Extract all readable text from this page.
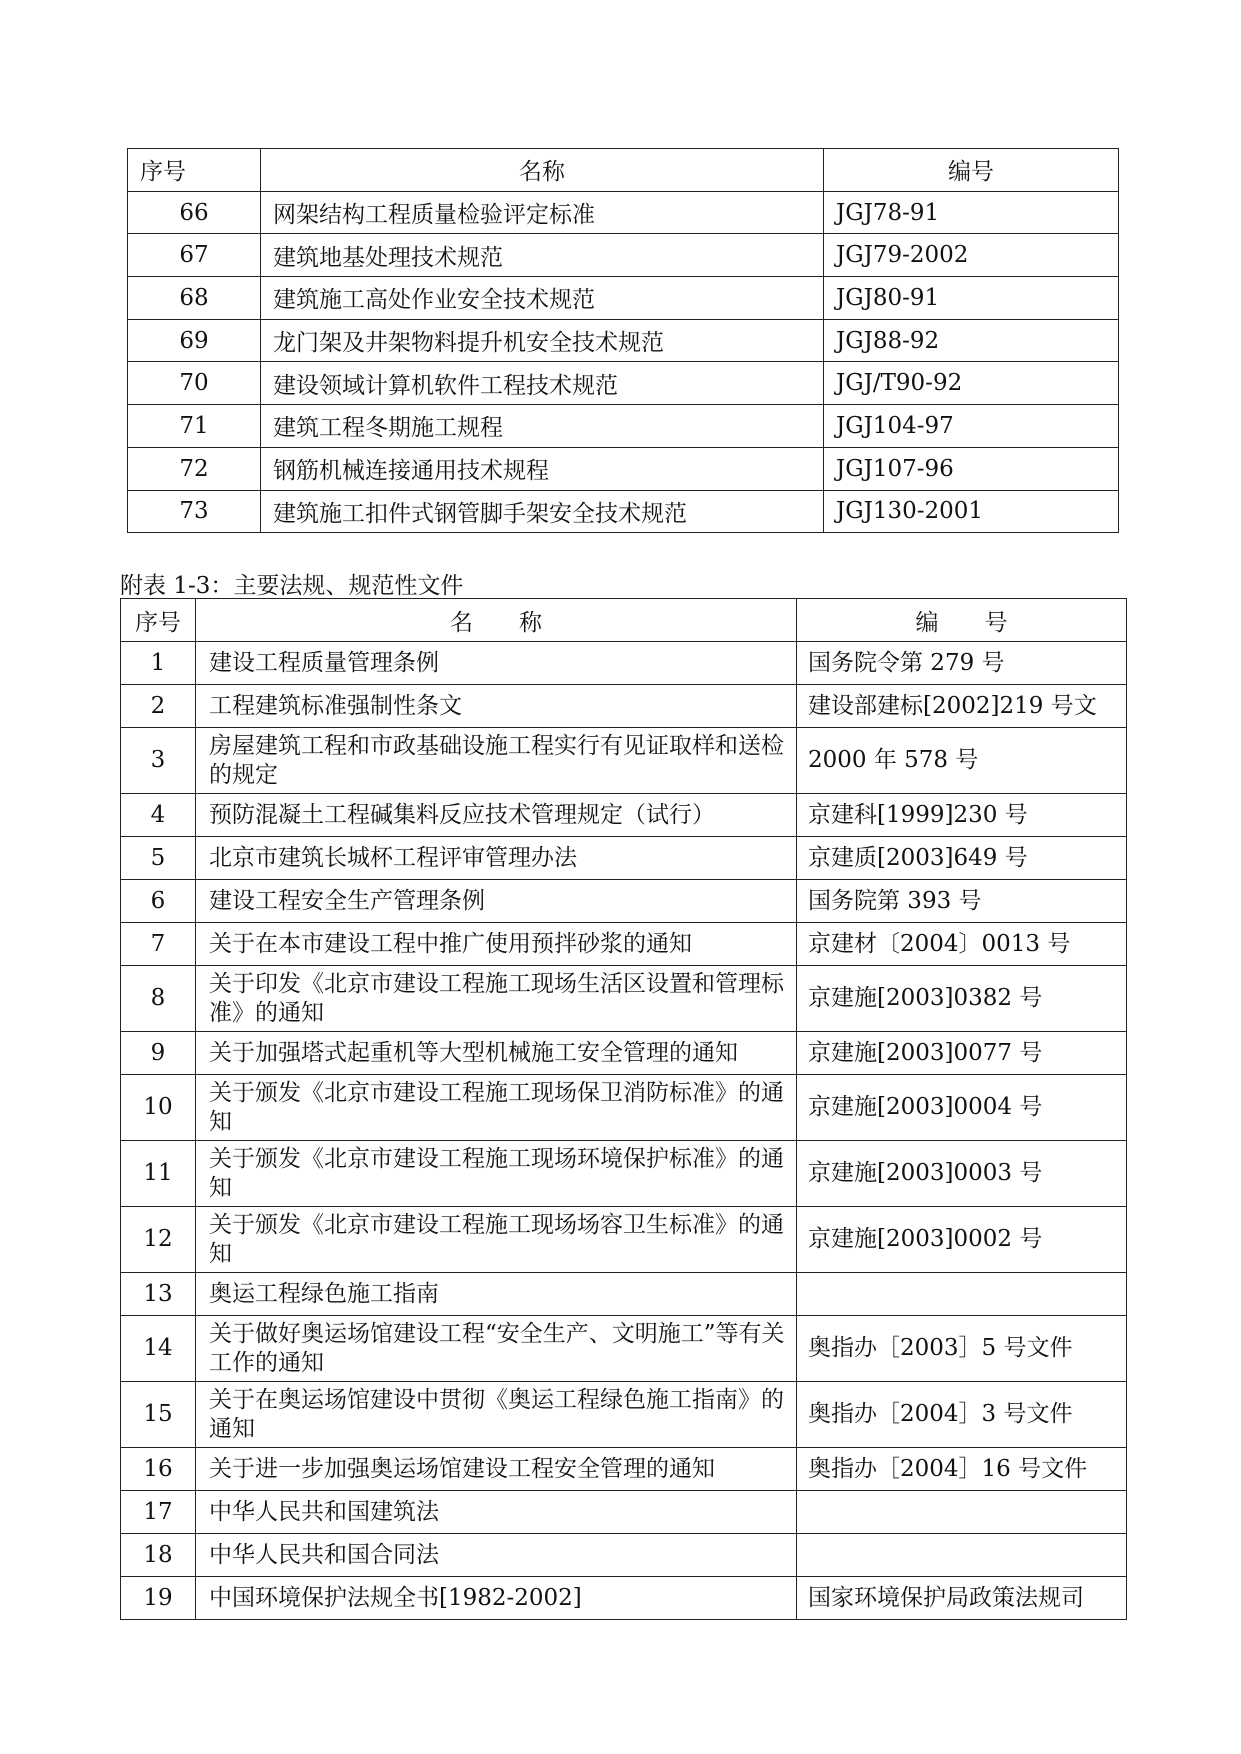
序号	名称	编号
66	网架结构工程质量检验评定标准	JGJ78-91
67	建筑地基处理技术规范	JGJ79-2002
68	建筑施工高处作业安全技术规范	JGJ80-91
69	龙门架及井架物料提升机安全技术规范	JGJ88-92
70	建设领域计算机软件工程技术规范	JGJ/T90-92
71	建筑工程冬期施工规程	JGJ104-97
72	钢筋机械连接通用技术规程	JGJ107-96
73	建筑施工扣件式钢管脚手架安全技术规范	JGJ130-2001
附表 1-3：主要法规、规范性文件
序号	名　　称	编　　号
1	建设工程质量管理条例	国务院令第 279 号
2	工程建筑标准强制性条文	建设部建标[2002]219 号文
3	房屋建筑工程和市政基础设施工程实行有见证取样和送检的规定	2000 年 578 号
4	预防混凝土工程碱集料反应技术管理规定（试行）	京建科[1999]230 号
5	北京市建筑长城杯工程评审管理办法	京建质[2003]649 号
6	建设工程安全生产管理条例	国务院第 393 号
7	关于在本市建设工程中推广使用预拌砂浆的通知	京建材〔2004〕0013 号
8	关于印发《北京市建设工程施工现场生活区设置和管理标准》的通知	京建施[2003]0382 号
9	关于加强塔式起重机等大型机械施工安全管理的通知	京建施[2003]0077 号
10	关于颁发《北京市建设工程施工现场保卫消防标准》的通知	京建施[2003]0004 号
11	关于颁发《北京市建设工程施工现场环境保护标准》的通知	京建施[2003]0003 号
12	关于颁发《北京市建设工程施工现场场容卫生标准》的通知	京建施[2003]0002 号
13	奥运工程绿色施工指南	
14	关于做好奥运场馆建设工程“安全生产、文明施工”等有关工作的通知	奥指办［2003］5 号文件
15	关于在奥运场馆建设中贯彻《奥运工程绿色施工指南》的通知	奥指办［2004］3 号文件
16	关于进一步加强奥运场馆建设工程安全管理的通知	奥指办［2004］16 号文件
17	中华人民共和国建筑法	
18	中华人民共和国合同法	
19	中国环境保护法规全书[1982-2002]	国家环境保护局政策法规司
